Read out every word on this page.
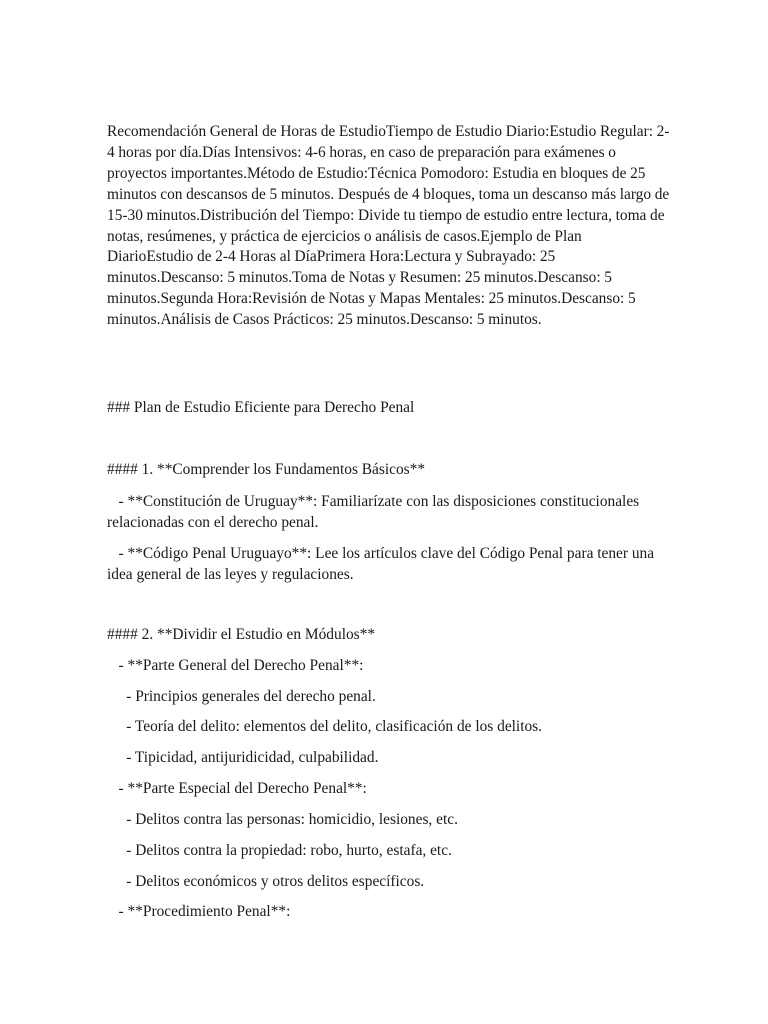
Recomendación General de Horas de EstudioTiempo de Estudio Diario:Estudio Regular: 2-
4 horas por día.Días Intensivos: 4-6 horas, en caso de preparación para exámenes o
proyectos importantes.Método de Estudio:Técnica Pomodoro: Estudia en bloques de 25
minutos con descansos de 5 minutos. Después de 4 bloques, toma un descanso más largo de
15-30 minutos.Distribución del Tiempo: Divide tu tiempo de estudio entre lectura, toma de
notas, resúmenes, y práctica de ejercicios o análisis de casos.Ejemplo de Plan
DiarioEstudio de 2-4 Horas al DíaPrimera Hora:Lectura y Subrayado: 25
minutos.Descanso: 5 minutos.Toma de Notas y Resumen: 25 minutos.Descanso: 5
minutos.Segunda Hora:Revisión de Notas y Mapas Mentales: 25 minutos.Descanso: 5
minutos.Análisis de Casos Prácticos: 25 minutos.Descanso: 5 minutos.

### Plan de Estudio Eficiente para Derecho Penal

#### 1. **Comprender los Fundamentos Básicos**

- **Constitución de Uruguay**: Familiarízate con las disposiciones constitucionales
relacionadas con el derecho penal.

- **Código Penal Uruguayo**: Lee los artículos clave del Código Penal para tener una
idea general de las leyes y regulaciones.

#### 2. **Dividir el Estudio en Módulos**

- **Parte General del Derecho Penal**:

- Principios generales del derecho penal.

- Teoría del delito: elementos del delito, clasificación de los delitos.

- Tipicidad, antijuridicidad, culpabilidad.

- **Parte Especial del Derecho Penal**:

- Delitos contra las personas: homicidio, lesiones, etc.

- Delitos contra la propiedad: robo, hurto, estafa, etc.

- Delitos económicos y otros delitos específicos.

- **Procedimiento Penal**:
